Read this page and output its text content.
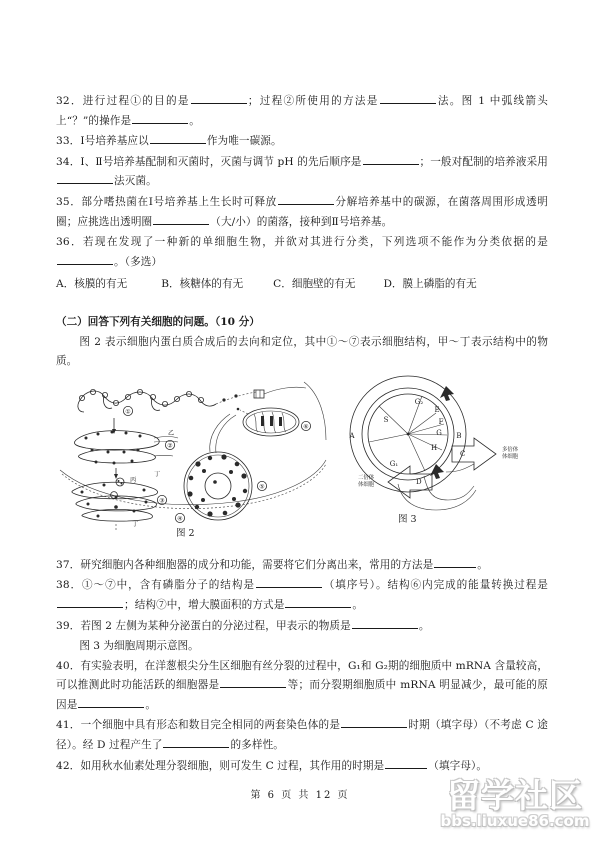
32．进行过程①的目的是	；过程②所使用的方法是	法。图 1 中弧线箭头上“？”的操作是	。

33．Ⅰ号培养基应以	作为唯一碳源。

34．Ⅰ、Ⅱ号培养基配制和灭菌时，灭菌与调节 pH 的先后顺序是	；一般对配制的培养液采用法灭菌。

35．部分嗜热菌在Ⅰ号培养基上生长时可释放	分解培养基中的碳源，在菌落周围形成透明圈；应挑选出透明圈	（大/小）的菌落，接种到Ⅱ号培养基。

36．若现在发现了一种新的单细胞生物，并欲对其进行分类，下列选项不能作为分类依据的是。（多选）

A．核膜的有无	B．核糖体的有无	C．细胞壁的有无	D．膜上磷脂的有无

（二）回答下列有关细胞的问题。（10 分）

图 2 表示细胞内蛋白质合成后的去向和定位，其中①～⑦表示细胞结构，甲～丁表示结构中的物质。

①
乙
②
丙
③
丁
⑥
⑤
④
丁
图 2
G₂
S
G₁
E
F
G
H
A	B
C
D
多倍体
体细胞
二倍体
体细胞
图 3

37．研究细胞内各种细胞器的成分和功能，需要将它们分离出来，常用的方法是	。

38．①～⑦中，含有磷脂分子的结构是	（填序号）。结构⑥内完成的能量转换过程是；结构⑦中，增大膜面积的方式是	。

39．若图 2 左侧为某种分泌蛋白的分泌过程，甲表示的物质是	。

图 3 为细胞周期示意图。

40．有实验表明，在洋葱根尖分生区细胞有丝分裂的过程中，G₁和 G₂期的细胞质中 mRNA 含量较高，可以推测此时功能活跃的细胞器是	等；而分裂期细胞质中 mRNA 明显减少，最可能的原因是	。

41．一个细胞中具有形态和数目完全相同的两套染色体的是	时期（填字母）（不考虑 C 途径）。经 D 过程产生了	的多样性。

42．如用秋水仙素处理分裂细胞，则可发生 C 过程，其作用的时期是	（填字母）。

第 6 页 共 12 页	留学社区
bbs.liuxue86.com
